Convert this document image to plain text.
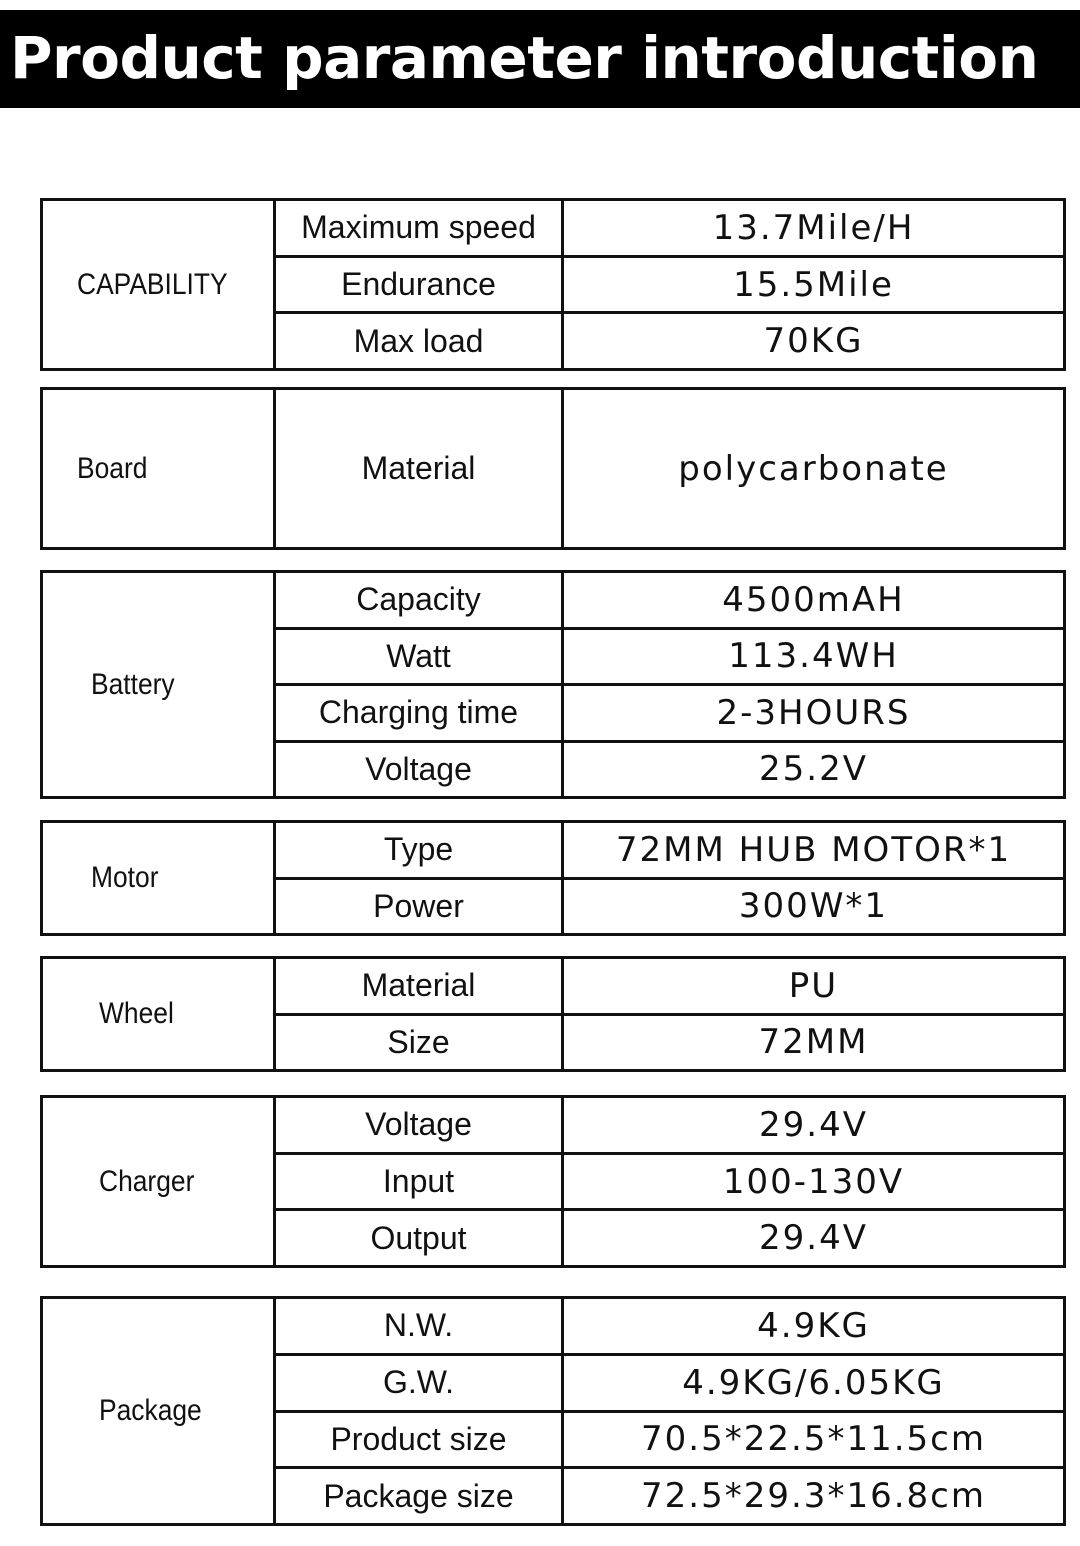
Product parameter introduction
CAPABILITY
Maximum speed	13.7Mile/H
Endurance	15.5Mile
Max load	70KG
Board	Material	polycarbonate
Battery
Capacity	4500mAH
Watt	113.4WH
Charging time	2-3HOURS
Voltage	25.2V
Motor
Type	72MM HUB MOTOR*1
Power	300W*1
Wheel
Material	PU
Size	72MM
Charger
Voltage	29.4V
Input	100-130V
Output	29.4V
Package
N.W.	4.9KG
G.W.	4.9KG/6.05KG
Product size	70.5*22.5*11.5cm
Package size	72.5*29.3*16.8cm
